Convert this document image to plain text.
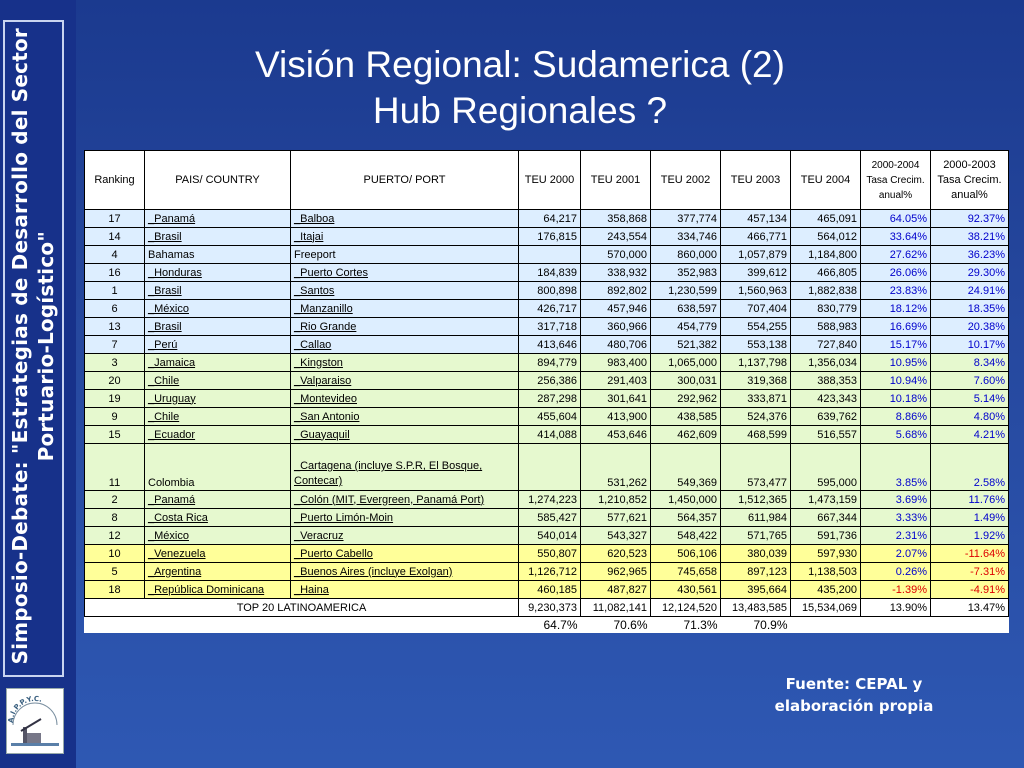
Simposio-Debate: "Estrategias de Desarrollo del Sector Portuario-Logístico"
A.I.P.P.Y.C.
Visión Regional: Sudamerica (2)
Hub Regionales ?
Ranking	PAIS/ COUNTRY	PUERTO/ PORT	TEU 2000	TEU 2001	TEU 2002	TEU 2003	TEU 2004	2000-2004 Tasa Crecim. anual%	2000-2003 Tasa Crecim. anual%
17	_Panamá	_Balboa	64,217	358,868	377,774	457,134	465,091	64.05%	92.37%
14	_Brasil	_Itajai	176,815	243,554	334,746	466,771	564,012	33.64%	38.21%
4	Bahamas	Freeport		570,000	860,000	1,057,879	1,184,800	27.62%	36.23%
16	_Honduras	_Puerto Cortes	184,839	338,932	352,983	399,612	466,805	26.06%	29.30%
1	_Brasil	_Santos	800,898	892,802	1,230,599	1,560,963	1,882,838	23.83%	24.91%
6	_México	_Manzanillo	426,717	457,946	638,597	707,404	830,779	18.12%	18.35%
13	_Brasil	_Rio Grande	317,718	360,966	454,779	554,255	588,983	16.69%	20.38%
7	_Perú	_Callao	413,646	480,706	521,382	553,138	727,840	15.17%	10.17%
3	_Jamaica	_Kingston	894,779	983,400	1,065,000	1,137,798	1,356,034	10.95%	8.34%
20	_Chile	_Valparaiso	256,386	291,403	300,031	319,368	388,353	10.94%	7.60%
19	_Uruguay	_Montevideo	287,298	301,641	292,962	333,871	423,343	10.18%	5.14%
9	_Chile	_San Antonio	455,604	413,900	438,585	524,376	639,762	8.86%	4.80%
15	_Ecuador	_Guayaquil	414,088	453,646	462,609	468,599	516,557	5.68%	4.21%
11	Colombia	_Cartagena (incluye S.P.R, El Bosque, Contecar)		531,262	549,369	573,477	595,000	3.85%	2.58%
2	_Panamá	_Colón (MIT, Evergreen, Panamá Port)	1,274,223	1,210,852	1,450,000	1,512,365	1,473,159	3.69%	11.76%
8	_Costa Rica	_Puerto Limón-Moin	585,427	577,621	564,357	611,984	667,344	3.33%	1.49%
12	_México	_Veracruz	540,014	543,327	548,422	571,765	591,736	2.31%	1.92%
10	_Venezuela	_Puerto Cabello	550,807	620,523	506,106	380,039	597,930	2.07%	-11.64%
5	_Argentina	_Buenos Aires (incluye Exolgan)	1,126,712	962,965	745,658	897,123	1,138,503	0.26%	-7.31%
18	_República Dominicana	_Haina	460,185	487,827	430,561	395,664	435,200	-1.39%	-4.91%
TOP 20 LATINOAMERICA			9,230,373	11,082,141	12,124,520	13,483,585	15,534,069	13.90%	13.47%
			64.7%	70.6%	71.3%	70.9%			
Fuente: CEPAL y
elaboración propia
